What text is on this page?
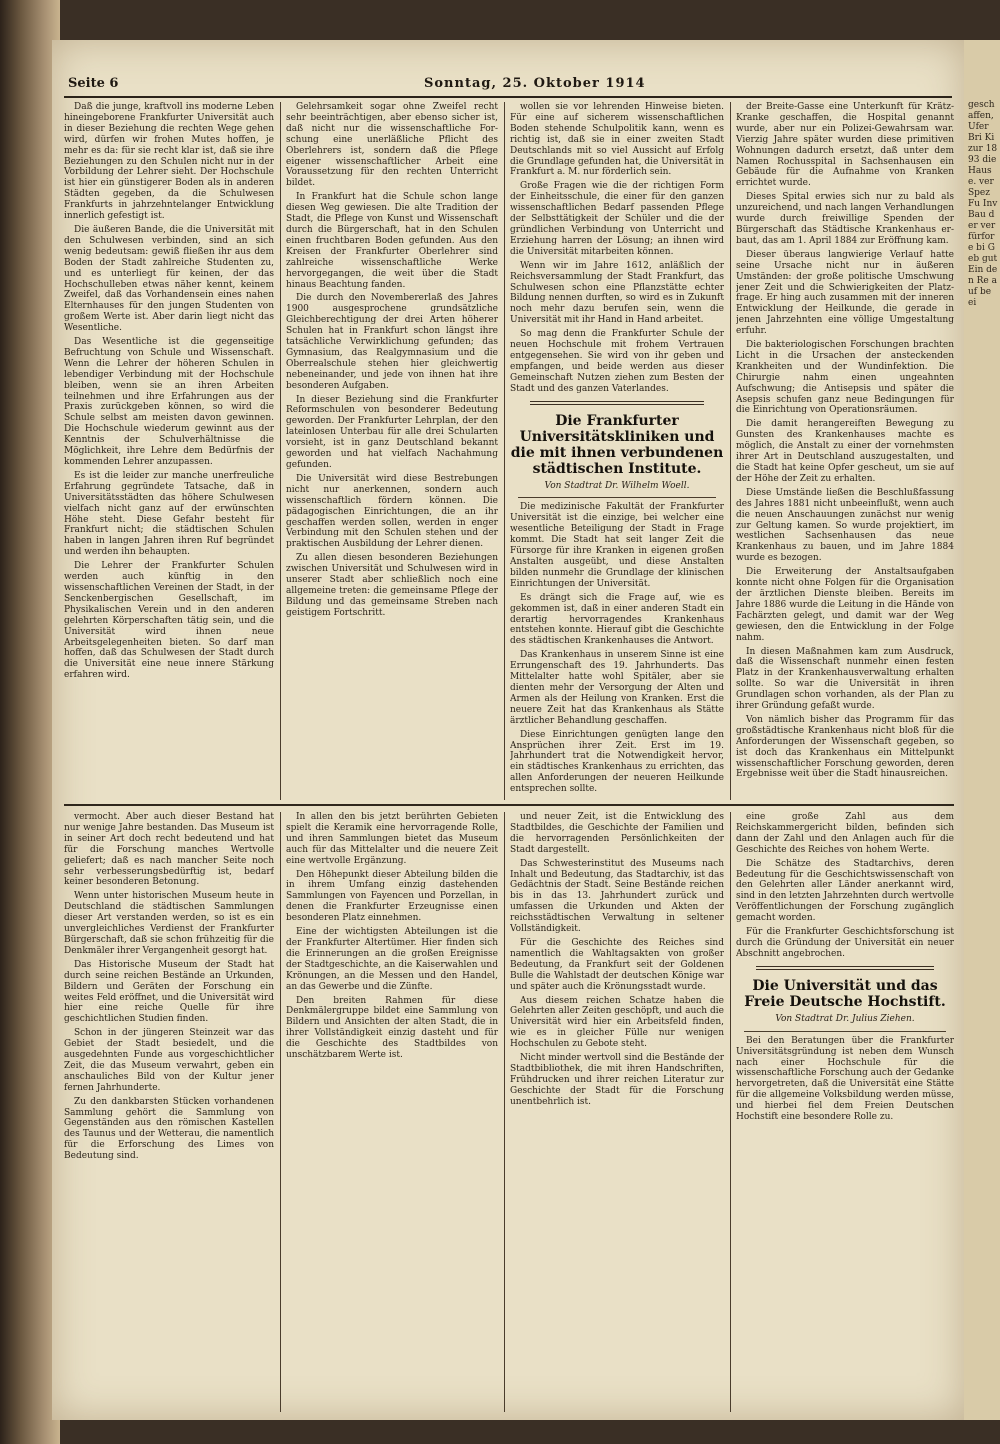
Seite 6	Sonntag, 25. Oktober 1914

Daß die junge, kraftvoll ins moderne Leben hineingeborene Frankfurter Universität auch in dieser Beziehung die rechten Wege gehen wird, dürfen wir frohen Mutes hoffen, je mehr es da: für sie recht klar ist, daß sie ihre Beziehungen zu den Schulen nicht nur in der Vorbildung der Lehrer sieht. Der Hochschule ist hier ein günstigerer Boden als in anderen Städten gegeben, da die Schulwesen Frankfurts in jahrzehntelanger Entwicklung innerlich gefestigt ist.

Die äußeren Bande, die die Universität mit den Schulwesen verbinden, sind an sich wenig bedeutsam: gewiß fließen ihr aus dem Boden der Stadt zahlreiche Studenten zu, und es unterliegt für keinen, der das Hochschulleben etwas näher kennt, keinem Zweifel, daß das Vorhandensein eines nahen Elternhauses für den jungen Studenten von großem Werte ist. Aber darin liegt nicht das Wesentliche.

Das Wesentliche ist die gegenseitige Befruchtung von Schule und Wissenschaft. Wenn die Lehrer der höheren Schulen in lebendiger Verbindung mit der Hochschule bleiben, wenn sie an ihren Arbeiten teilnehmen und ihre Erfahrungen aus der Praxis zurückgeben können, so wird die Schule selbst am meisten davon gewinnen. Die Hochschule wiederum gewinnt aus der Kenntnis der Schulverhältnisse die Möglichkeit, ihre Lehre dem Bedürfnis der kommenden Lehrer anzupassen.

Es ist die leider zur manche unerfreuliche Erfahrung gegründete Tatsache, daß in Universitätsstädten das höhere Schulwesen vielfach nicht ganz auf der erwünschten Höhe steht. Diese Gefahr besteht für Frankfurt nicht; die städtischen Schulen haben in langen Jahren ihren Ruf begründet und werden ihn behaupten.

Die Lehrer der Frankfurter Schulen werden auch künftig in den wissenschaftlichen Vereinen der Stadt, in der Senckenbergischen Gesellschaft, im Physikalischen Verein und in den anderen gelehrten Körperschaften tätig sein, und die Universität wird ihnen neue Arbeitsgelegenheiten bieten. So darf man hoffen, daß das Schulwesen der Stadt durch die Universität eine neue innere Stärkung erfahren wird.

Gelehrsamkeit sogar ohne Zweifel recht sehr beeinträchtigen, aber ebenso sicher ist, daß nicht nur die wissenschaftliche Forschung eine unerläßliche Pflicht des Oberlehrers ist, sondern daß die Pflege eigener wissenschaftlicher Arbeit eine Voraussetzung für den rechten Unterricht bildet.

In Frankfurt hat die Schule schon lange diesen Weg gewiesen. Die alte Tradition der Stadt, die Pflege von Kunst und Wissenschaft durch die Bürgerschaft, hat in den Schulen einen fruchtbaren Boden gefunden. Aus den Kreisen der Frankfurter Oberlehrer sind zahlreiche wissenschaftliche Werke hervorgegangen, die weit über die Stadt hinaus Beachtung fanden.

Die durch den Novembererlaß des Jahres 1900 ausgesprochene grundsätzliche Gleichberechtigung der drei Arten höherer Schulen hat in Frankfurt schon längst ihre tatsächliche Verwirklichung gefunden; das Gymnasium, das Realgymnasium und die Oberrealschule stehen hier gleichwertig nebeneinander, und jede von ihnen hat ihre besonderen Aufgaben.

In dieser Beziehung sind die Frankfurter Reformschulen von besonderer Bedeutung geworden. Der Frankfurter Lehrplan, der den lateinlosen Unterbau für alle drei Schularten vorsieht, ist in ganz Deutschland bekannt geworden und hat vielfach Nachahmung gefunden.

Die Universität wird diese Bestrebungen nicht nur anerkennen, sondern auch wissenschaftlich fördern können. Die pädagogischen Einrichtungen, die an ihr geschaffen werden sollen, werden in enger Verbindung mit den Schulen stehen und der praktischen Ausbildung der Lehrer dienen.

Zu allen diesen besonderen Beziehungen zwischen Universität und Schulwesen wird in unserer Stadt aber schließlich noch eine allgemeine treten: die gemeinsame Pflege der Bildung und das gemeinsame Streben nach geistigem Fortschritt.

wollen sie vor lehrenden Hinweise bieten. Für eine auf sicherem wissenschaftlichen Boden stehende Schulpolitik kann, wenn es richtig ist, daß sie in einer zweiten Stadt Deutschlands mit so viel Aussicht auf Erfolg die Grundlage gefunden hat, die Universität in Frankfurt a. M. nur förderlich sein.

Große Fragen wie die der richtigen Form der Einheitsschule, die einer für den ganzen wissenschaftlichen Bedarf passenden Pflege der Selbsttätigkeit der Schüler und die der gründlichen Verbindung von Unterricht und Erziehung harren der Lösung; an ihnen wird die Universität mitarbeiten können.

Wenn wir im Jahre 1612, anläßlich der Reichsversammlung der Stadt Frankfurt, das Schulwesen schon eine Pflanzstätte echter Bildung nennen durften, so wird es in Zukunft noch mehr dazu berufen sein, wenn die Universität mit ihr Hand in Hand arbeitet.

So mag denn die Frankfurter Schule der neuen Hochschule mit frohem Vertrauen entgegensehen. Sie wird von ihr geben und empfangen, und beide werden aus dieser Gemeinschaft Nutzen ziehen zum Besten der Stadt und des ganzen Vaterlandes.

Die Frankfurter Universitätskliniken und die mit ihnen verbundenen städtischen Institute.
Von Stadtrat Dr. Wilhelm Woell.

Die medizinische Fakultät der Frankfurter Universität ist die einzige, bei welcher eine wesentliche Beteiligung der Stadt in Frage kommt. Die Stadt hat seit langer Zeit die Fürsorge für ihre Kranken in eigenen großen Anstalten ausgeübt, und diese Anstalten bilden nunmehr die Grundlage der klinischen Einrichtungen der Universität.

Es drängt sich die Frage auf, wie es gekommen ist, daß in einer anderen Stadt ein derartig hervorragendes Krankenhaus entstehen konnte. Hierauf gibt die Geschichte des städtischen Krankenhauses die Antwort.

Das Krankenhaus in unserem Sinne ist eine Errungenschaft des 19. Jahrhunderts. Das Mittelalter hatte wohl Spitäler, aber sie dienten mehr der Versorgung der Alten und Armen als der Heilung von Kranken. Erst die neuere Zeit hat das Krankenhaus als Stätte ärztlicher Behandlung geschaffen.

Diese Einrichtungen genügten lange den Ansprüchen ihrer Zeit. Erst im 19. Jahrhundert trat die Notwendigkeit hervor, ein städtisches Krankenhaus zu errichten, das allen Anforderungen der neueren Heilkunde entsprechen sollte.

der Breite-Gasse eine Unterkunft für Krätz-Kranke geschaffen, die Hospital genannt wurde, aber nur ein Polizei-Gewahrsam war. Vierzig Jahre später wurden diese primitiven Wohnungen dadurch ersetzt, daß unter dem Namen Rochusspital in Sachsenhausen ein Gebäude für die Aufnahme von Kranken errichtet wurde.

Dieses Spital erwies sich nur zu bald als unzureichend, und nach langen Verhandlungen wurde durch freiwillige Spenden der Bürgerschaft das Städtische Krankenhaus erbaut, das am 1. April 1884 zur Eröffnung kam.

Dieser überaus langwierige Verlauf hatte seine Ursache nicht nur in äußeren Umständen: der große politische Umschwung jener Zeit und die Schwierigkeiten der Platzfrage. Er hing auch zusammen mit der inneren Entwicklung der Heilkunde, die gerade in jenen Jahrzehnten eine völlige Umgestaltung erfuhr.

Die bakteriologischen Forschungen brachten Licht in die Ursachen der ansteckenden Krankheiten und der Wundinfektion. Die Chirurgie nahm einen ungeahnten Aufschwung; die Antisepsis und später die Asepsis schufen ganz neue Bedingungen für die Einrichtung von Operationsräumen.

Die damit herangereiften Bewegung zu Gunsten des Krankenhauses machte es möglich, die Anstalt zu einer der vornehmsten ihrer Art in Deutschland auszugestalten, und die Stadt hat keine Opfer gescheut, um sie auf der Höhe der Zeit zu erhalten.

Diese Umstände ließen die Beschlußfassung des Jahres 1881 nicht unbeeinflußt, wenn auch die neuen Anschauungen zunächst nur wenig zur Geltung kamen. So wurde projektiert, im westlichen Sachsenhausen das neue Krankenhaus zu bauen, und im Jahre 1884 wurde es bezogen.

Die Erweiterung der Anstaltsaufgaben konnte nicht ohne Folgen für die Organisation der ärztlichen Dienste bleiben. Bereits im Jahre 1886 wurde die Leitung in die Hände von Fachärzten gelegt, und damit war der Weg gewiesen, den die Entwicklung in der Folge nahm.

In diesen Maßnahmen kam zum Ausdruck, daß die Wissenschaft nunmehr einen festen Platz in der Krankenhausverwaltung erhalten sollte. So war die Universität in ihren Grundlagen schon vorhanden, als der Plan zu ihrer Gründung gefaßt wurde.

Von nämlich bisher das Programm für das großstädtische Krankenhaus nicht bloß für die Anforderungen der Wissenschaft gegeben, so ist doch das Krankenhaus ein Mittelpunkt wissenschaftlicher Forschung geworden, deren Ergebnisse weit über die Stadt hinausreichen.

vermocht. Aber auch dieser Bestand hat nur wenige Jahre bestanden. Das Museum ist in seiner Art doch recht bedeutend und hat für die Forschung manches Wertvolle geliefert; daß es nach mancher Seite noch sehr verbesserungsbedürftig ist, bedarf keiner besonderen Betonung.

Wenn unter historischen Museum heute in Deutschland die städtischen Sammlungen dieser Art verstanden werden, so ist es ein unvergleichliches Verdienst der Frankfurter Bürgerschaft, daß sie schon frühzeitig für die Denkmäler ihrer Vergangenheit gesorgt hat.

Das Historische Museum der Stadt hat durch seine reichen Bestände an Urkunden, Bildern und Geräten der Forschung ein weites Feld eröffnet, und die Universität wird hier eine reiche Quelle für ihre geschichtlichen Studien finden.

Schon in der jüngeren Steinzeit war das Gebiet der Stadt besiedelt, und die ausgedehnten Funde aus vorgeschichtlicher Zeit, die das Museum verwahrt, geben ein anschauliches Bild von der Kultur jener fernen Jahrhunderte.

Zu den dankbarsten Stücken vorhandenen Sammlung gehört die Sammlung von Gegenständen aus den römischen Kastellen des Taunus und der Wetterau, die namentlich für die Erforschung des Limes von Bedeutung sind.

In allen den bis jetzt berührten Gebieten spielt die Keramik eine hervorragende Rolle, und ihren Sammlungen bietet das Museum auch für das Mittelalter und die neuere Zeit eine wertvolle Ergänzung.

Den Höhepunkt dieser Abteilung bilden die in ihrem Umfang einzig dastehenden Sammlungen von Fayencen und Porzellan, in denen die Frankfurter Erzeugnisse einen besonderen Platz einnehmen.

Eine der wichtigsten Abteilungen ist die der Frankfurter Altertümer. Hier finden sich die Erinnerungen an die großen Ereignisse der Stadtgeschichte, an die Kaiserwahlen und Krönungen, an die Messen und den Handel, an das Gewerbe und die Zünfte.

Den breiten Rahmen für diese Denkmälergruppe bildet eine Sammlung von Bildern und Ansichten der alten Stadt, die in ihrer Vollständigkeit einzig dasteht und für die Geschichte des Stadtbildes von unschätzbarem Werte ist.

und neuer Zeit, ist die Entwicklung des Stadtbildes, die Geschichte der Familien und die hervorragenden Persönlichkeiten der Stadt dargestellt.

Das Schwesterinstitut des Museums nach Inhalt und Bedeutung, das Stadtarchiv, ist das Gedächtnis der Stadt. Seine Bestände reichen bis in das 13. Jahrhundert zurück und umfassen die Urkunden und Akten der reichsstädtischen Verwaltung in seltener Vollständigkeit.

Für die Geschichte des Reiches sind namentlich die Wahltagsakten von großer Bedeutung, da Frankfurt seit der Goldenen Bulle die Wahlstadt der deutschen Könige war und später auch die Krönungsstadt wurde.

Aus diesem reichen Schatze haben die Gelehrten aller Zeiten geschöpft, und auch die Universität wird hier ein Arbeitsfeld finden, wie es in gleicher Fülle nur wenigen Hochschulen zu Gebote steht.

Nicht minder wertvoll sind die Bestände der Stadtbibliothek, die mit ihren Handschriften, Frühdrucken und ihrer reichen Literatur zur Geschichte der Stadt für die Forschung unentbehrlich ist.

eine große Zahl aus dem Reichskammergericht bilden, befinden sich dann der Zahl und den Anlagen auch für die Geschichte des Reiches von hohem Werte.

Die Schätze des Stadtarchivs, deren Bedeutung für die Geschichtswissenschaft von den Gelehrten aller Länder anerkannt wird, sind in den letzten Jahrzehnten durch wertvolle Veröffentlichungen der Forschung zugänglich gemacht worden.

Für die Frankfurter Geschichtsforschung ist durch die Gründung der Universität ein neuer Abschnitt angebrochen.

Die Universität und das Freie Deutsche Hochstift.
Von Stadtrat Dr. Julius Ziehen.

Bei den Beratungen über die Frankfurter Universitätsgründung ist neben dem Wunsch nach einer Hochschule für die wissenschaftliche Forschung auch der Gedanke hervorgetreten, daß die Universität eine Stätte für die allgemeine Volksbildung werden müsse, und hierbei fiel dem Freien Deutschen Hochstift eine besondere Rolle zu.

geschaffen, Ufer Bri Ki zur 1893 die Hause. ver Spez Fu Inv Bau der ver fürfor e bi Geb gut Ein den Re auf be ei
